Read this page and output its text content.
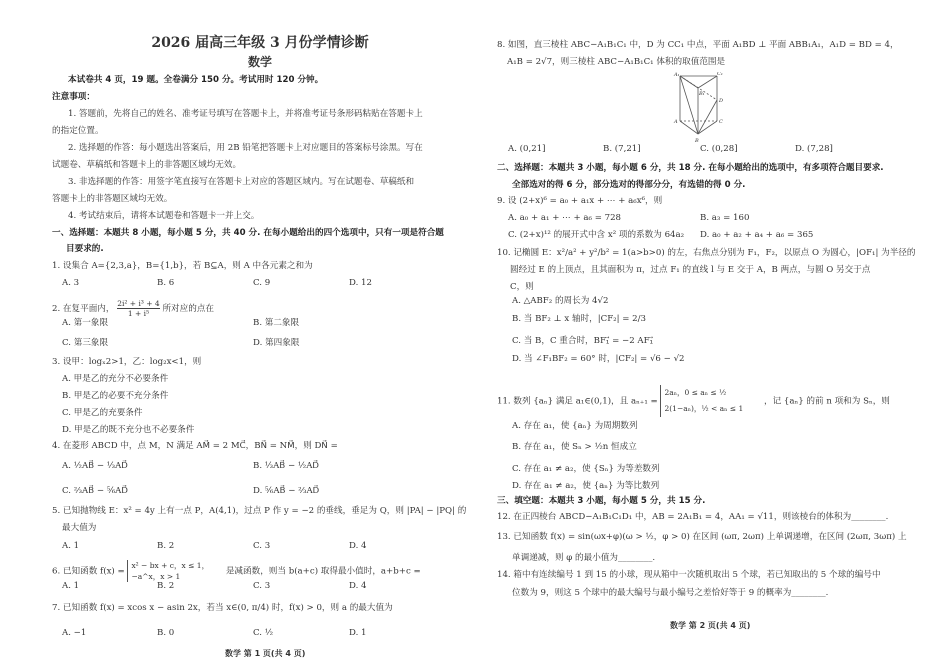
2026 届高三年级 3 月份学情诊断
数学
本试卷共 4 页，19 题。全卷满分 150 分。考试用时 120 分钟。
注意事项：
1. 答题前，先将自己的姓名、准考证号填写在答题卡上，并将准考证号条形码粘贴在答题卡上
的指定位置。
2. 选择题的作答：每小题选出答案后，用 2B 铅笔把答题卡上对应题目的答案标号涂黑。写在
试题卷、草稿纸和答题卡上的非答题区域均无效。
3. 非选择题的作答：用签字笔直接写在答题卡上对应的答题区域内。写在试题卷、草稿纸和
答题卡上的非答题区域均无效。
4. 考试结束后，请将本试题卷和答题卡一并上交。
一、选择题：本题共 8 小题，每小题 5 分，共 40 分. 在每小题给出的四个选项中，只有一项是符合题
目要求的.
1. 设集合 A={2,3,a}，B={1,b}，若 B⊆A，则 A 中各元素之和为
A. 3	B. 6	C. 9	D. 12
2. 在复平面内， $\frac{\text{2i² + i³ + 4}}{\text{1 + i⁵}}$ 所对应的点在
A. 第一象限	B. 第二象限
C. 第三象限	D. 第四象限
3. 设甲：logₓ2>1，乙：log₂x<1，则
A. 甲是乙的充分不必要条件
B. 甲是乙的必要不充分条件
C. 甲是乙的充要条件
D. 甲是乙的既不充分也不必要条件
4. 在菱形 ABCD 中，点 M，N 满足 AM⃗ = 2 MC⃗，BN⃗ = NM⃗，则 DN⃗ =
A. ½AB⃗ − ⅓AD⃗	B. ⅓AB⃗ − ½AD⃗
C. ⅔AB⃗ − ⅚AD⃗	D. ⅚AB⃗ − ⅔AD⃗
5. 已知抛物线 E：x² = 4y 上有一点 P，A(4,1)，过点 P 作 y = −2 的垂线，垂足为 Q，则 |PA| − |PQ| 的
最大值为
A. 1	B. 2	C. 3	D. 4
6. 已知函数 f(x) =
x² − bx + c，x ≤ 1，
−a^x，x > 1	是减函数，则当 b(a+c) 取得最小值时，a+b+c =
A. 1	B. 2	C. 3	D. 4
7. 已知函数 f(x) = xcos x − asin 2x，若当 x∈(0, π/4) 时，f(x) > 0，则 a 的最大值为
A. −1	B. 0	C. ½	D. 1
数学 第 1 页(共 4 页)
8. 如图，直三棱柱 ABC−A₁B₁C₁ 中，D 为 CC₁ 中点，平面 A₁BD ⊥ 平面 ABB₁A₁，A₁D = BD = 4，
A₁B = 2√7，则三棱柱 ABC−A₁B₁C₁ 体积的取值范围是
A₁	C₁
B₁
D
A	C
B
A. (0,21]	B. (7,21]	C. (0,28]	D. (7,28]
二、选择题：本题共 3 小题，每小题 6 分，共 18 分. 在每小题给出的选项中，有多项符合题目要求.
全部选对的得 6 分，部分选对的得部分分，有选错的得 0 分.
9. 设 (2+x)⁶ = a₀ + a₁x + ⋯ + a₆x⁶，则
A. a₀ + a₁ + ⋯ + a₆ = 728	B. a₃ = 160
C. (2+x)¹² 的展开式中含 x² 项的系数为 64a₂ D. a₀ + a₂ + a₄ + a₆ = 365
10. 记椭圆 E：x²/a² + y²/b² = 1(a>b>0) 的左，右焦点分别为 F₁，F₂，以原点 O 为圆心，|OF₁| 为半径的
圆经过 E 的上顶点，且其面积为 π，过点 F₁ 的直线 l 与 E 交于 A，B 两点，与圆 O 另交于点
C，则
A. △ABF₂ 的周长为 4√2
B. 当 BF₂ ⊥ x 轴时，|CF₂| = 2/3
C. 当 B，C 重合时，BF₁⃗ = −2 AF₁⃗
D. 当 ∠F₁BF₂ = 60° 时，|CF₂| = √6 − √2
11. 数列 {aₙ} 满足 a₁∈(0,1)，且 aₙ₊₁ =
2aₙ，0 ≤ aₙ ≤ ½
2(1−aₙ)，½ < aₙ ≤ 1
，记 {aₙ} 的前 n 项和为 Sₙ，则
A. 存在 a₁，使 {aₙ} 为周期数列
B. 存在 a₁，使 Sₙ > ½n 恒成立
C. 存在 a₁ ≠ a₂，使 {Sₙ} 为等差数列
D. 存在 a₁ ≠ a₂，使 {aₙ} 为等比数列
三、填空题：本题共 3 小题，每小题 5 分，共 15 分.
12. 在正四棱台 ABCD−A₁B₁C₁D₁ 中，AB = 2A₁B₁ = 4，AA₁ = √11，则该棱台的体积为________.
13. 已知函数 f(x) = sin(ωx+φ)(ω > ½，φ > 0) 在区间 (ωπ, 2ωπ) 上单调递增，在区间 (2ωπ, 3ωπ) 上
单调递减，则 φ 的最小值为________.
14. 箱中有连续编号 1 到 15 的小球，现从箱中一次随机取出 5 个球，若已知取出的 5 个球的编号中
位数为 9，则这 5 个球中的最大编号与最小编号之差恰好等于 9 的概率为________.
数学 第 2 页(共 4 页)
